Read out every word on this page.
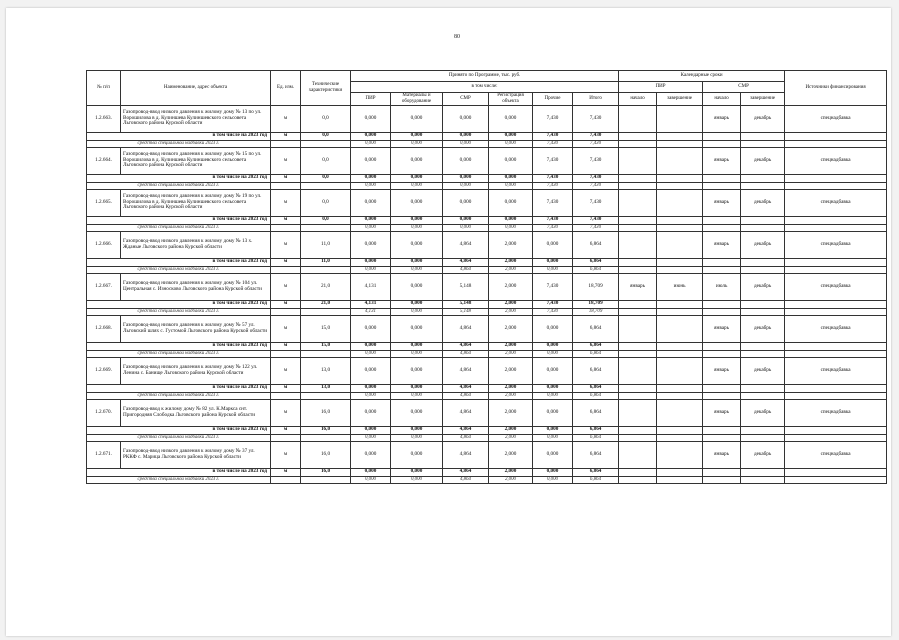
80
№ п/п	Наименование, адрес объекта	Ед. изм.	Технические характеристики	Принято по Программе, тыс. руб.						Календарные сроки				Источники финансирования
				в том числе:						ПИР		СМР		
				ПИР	Материалы и оборудование	СМР	Регистрация объекта	Прочие	Итого	начало	завершение	начало	завершение	
1.2.663.	Газопровод-ввод низкого давления к жилому дому № 13 по ул. Ворошилова в д. Кулиншева Кулиншевского сельсовета Льговского района Курской области	м	0,0	0,000	0,000	0,000	0,000	7,430	7,430			январь	декабрь	спецнадбавка
в том числе на 2023 год		м	0,0	0,000	0,000	0,000	0,000	7,430	7,430					
средства специальной надбавки 2023 г.				0,000	0,000	0,000	0,000	7,430	7,430					
1.2.664.	Газопровод-ввод низкого давления к жилому дому № 15 по ул. Ворошилова в д. Кулиншева Кулиншевского сельсовета Льговского района Курской области	м	0,0	0,000	0,000	0,000	0,000	7,430	7,430			январь	декабрь	спецнадбавка
в том числе на 2023 год		м	0,0	0,000	0,000	0,000	0,000	7,430	7,430					
средства специальной надбавки 2023 г.				0,000	0,000	0,000	0,000	7,430	7,430					
1.2.665.	Газопровод-ввод низкого давления к жилому дому № 19 по ул. Ворошилова в д. Кулиншева Кулиншевского сельсовета Льговского района Курской области	м	0,0	0,000	0,000	0,000	0,000	7,430	7,430			январь	декабрь	спецнадбавка
в том числе на 2023 год		м	0,0	0,000	0,000	0,000	0,000	7,430	7,430					
средства специальной надбавки 2023 г.				0,000	0,000	0,000	0,000	7,430	7,430					
1.2.666.	Газопровод-ввод низкого давления к жилому дому № 13 х. Жданые Льговского района Курской области	м	11,0	0,000	0,000	4,864	2,000	0,000	6,864			январь	декабрь	спецнадбавка
в том числе на 2023 год		м	11,0	0,000	0,000	4,864	2,000	0,000	6,864					
средства специальной надбавки 2023 г.				0,000	0,000	4,864	2,000	0,000	6,864					
1.2.667.	Газопровод-ввод низкого давления к жилому дому № 104 ул. Центральная с. Износково Льговского района Курской области	м	21,0	4,131	0,000	5,148	2,000	7,430	18,709	январь	июнь	июль	декабрь	спецнадбавка
в том числе на 2023 год		м	21,0	4,131	0,000	5,148	2,000	7,430	18,709					
средства специальной надбавки 2023 г.				4,131	0,000	5,148	2,000	7,430	18,709					
1.2.668.	Газопровод-ввод низкого давления к жилому дому № 57 ул. Льговский шлях с. Густомой Льговского района Курской области	м	15,0	0,000	0,000	4,864	2,000	0,000	6,864			январь	декабрь	спецнадбавка
в том числе на 2023 год		м	15,0	0,000	0,000	4,864	2,000	0,000	6,864					
средства специальной надбавки 2023 г.				0,000	0,000	4,864	2,000	0,000	6,864					
1.2.669.	Газопровод-ввод низкого давления к жилому дому № 122 ул. Ленина с. Банище Льговского района Курской области	м	13,0	0,000	0,000	4,864	2,000	0,000	6,864			январь	декабрь	спецнадбавка
в том числе на 2023 год		м	13,0	0,000	0,000	4,864	2,000	0,000	6,864					
средства специальной надбавки 2023 г.				0,000	0,000	4,864	2,000	0,000	6,864					
1.2.670.	Газопровод-ввод к жилому дому № 82 ул. К.Маркса снт. Пригородняя Слободка Льговского района Курской области	м	16,0	0,000	0,000	4,864	2,000	0,000	6,864			январь	декабрь	спецнадбавка
в том числе на 2023 год		м	16,0	0,000	0,000	4,864	2,000	0,000	6,864					
средства специальной надбавки 2023 г.				0,000	0,000	4,864	2,000	0,000	6,864					
1.2.671.	Газопровод-ввод низкого давления к жилому дому № 37 ул. РККФ с. Марица Льговского района Курской области	м	16,0	0,000	0,000	4,864	2,000	0,000	6,864			январь	декабрь	спецнадбавка
в том числе на 2023 год		м	16,0	0,000	0,000	4,864	2,000	0,000	6,864					
средства специальной надбавки 2023 г.				0,000	0,000	4,864	2,000	0,000	6,864					
